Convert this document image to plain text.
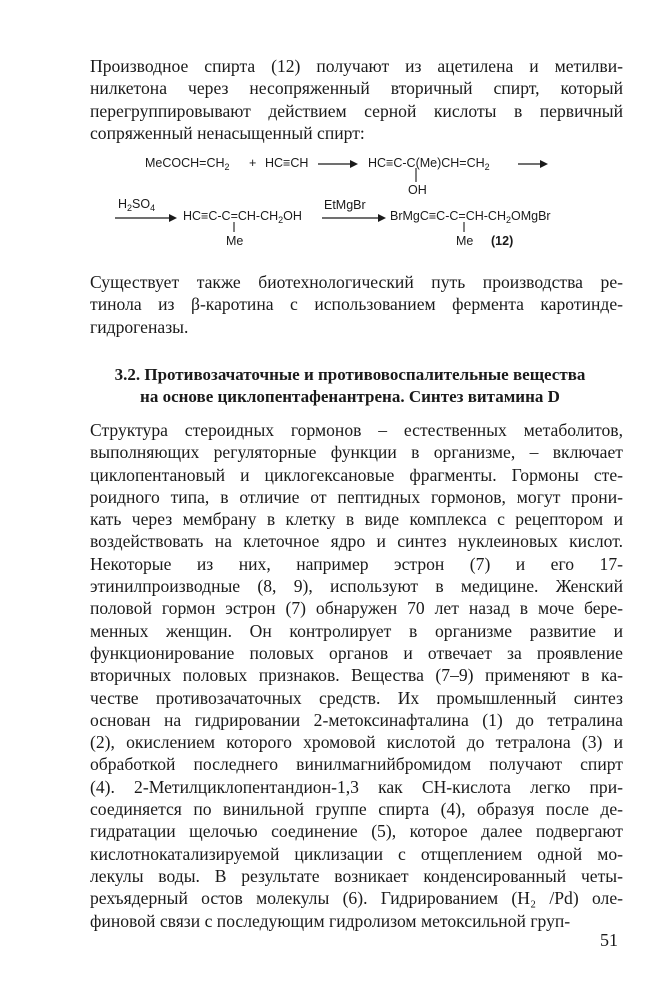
Производное спирта (12) получают из ацетилена и метилви-
нилкетона через несопряженный вторичный спирт, который
перегруппировывают действием серной кислоты в первичный
сопряженный ненасыщенный спирт:
$MeCOCH=CH_2 + HC\equiv CH \to HC\equiv C-C(Me)CH=CH_2$
OH
$H_2SO_4$
→ $HC\equiv C-C=CH-CH_2OH$
Me
EtMgBr
→ $BrMgC\equiv C-C=CH-CH_2OMgBr$
Me (12)
Существует также биотехнологический путь производства ре-
тинола из β-каротина с использованием фермента каротинде-
гидрогеназы.
3.2. Противозачаточные и противовоспалительные вещества
на основе циклопентафенантрена. Синтез витамина D
Структура стероидных гормонов – естественных метаболитов,
выполняющих регуляторные функции в организме, – включает
циклопентановый и циклогексановые фрагменты. Гормоны сте-
роидного типа, в отличие от пептидных гормонов, могут прони-
кать через мембрану в клетку в виде комплекса с рецептором и
воздействовать на клеточное ядро и синтез нуклеиновых кислот.
Некоторые из них, например эстрон (7) и его 17-
этинилпроизводные (8, 9), используют в медицине. Женский
половой гормон эстрон (7) обнаружен 70 лет назад в моче бере-
менных женщин. Он контролирует в организме развитие и
функционирование половых органов и отвечает за проявление
вторичных половых признаков. Вещества (7–9) применяют в ка-
честве противозачаточных средств. Их промышленный синтез
основан на гидрировании 2-метоксинафталина (1) до тетралина
(2), окислением которого хромовой кислотой до тетралона (3) и
обработкой последнего винилмагнийбромидом получают спирт
(4). 2-Метилциклопентандион-1,3 как СН-кислота легко при-
соединяется по винильной группе спирта (4), образуя после де-
гидратации щелочью соединение (5), которое далее подвергают
кислотнокатализируемой циклизации с отщеплением одной мо-
лекулы воды. В результате возникает конденсированный четы-
рехъядерный остов молекулы (6). Гидрированием (H₂ /Pd) оле-
финовой связи с последующим гидролизом метоксильной груп-
51
